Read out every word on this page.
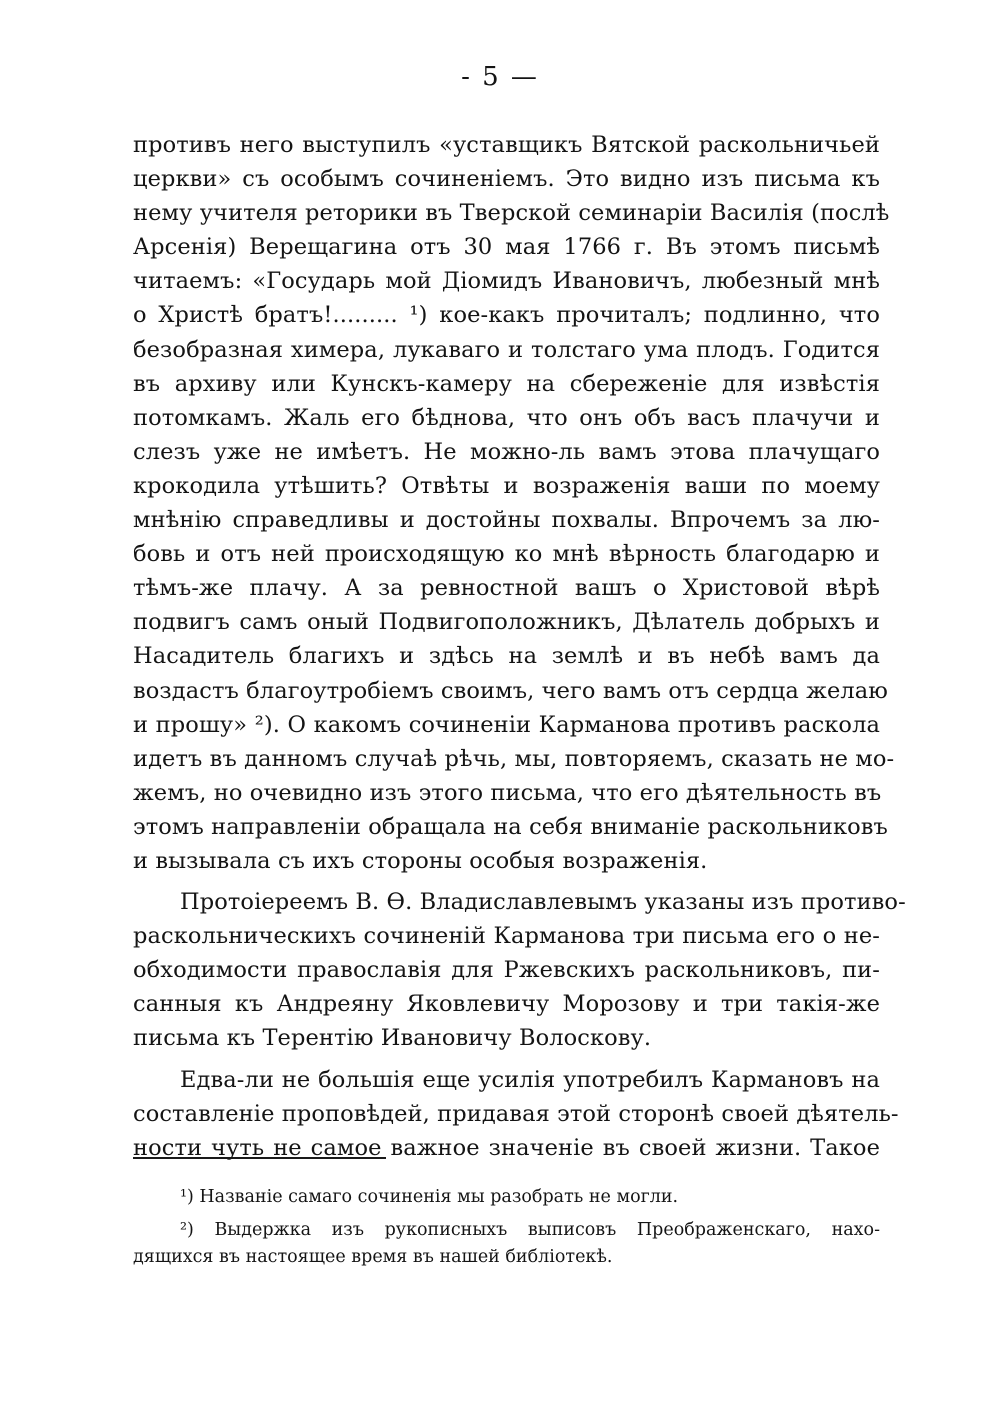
- 5 —
противъ него выступилъ «уставщикъ Вятской раскольничьей
церкви» съ особымъ сочиненіемъ. Это видно изъ письма къ
нему учителя реторики въ Тверской семинаріи Василія (послѣ
Арсенія) Верещагина отъ 30 мая 1766 г. Въ этомъ письмѣ
читаемъ: «Государь мой Діомидъ Ивановичъ, любезный мнѣ
о Христѣ братъ!......... ¹) кое-какъ прочиталъ; подлинно, что
безобразная химера, лукаваго и толстаго ума плодъ. Годится
въ архиву или Кунскъ-камеру на сбереженіе для извѣстія
потомкамъ. Жаль его бѣднова, что онъ объ васъ плачучи и
слезъ уже не имѣетъ. Не можно-ль вамъ этова плачущаго
крокодила утѣшить? Отвѣты и возраженія ваши по моему
мнѣнію справедливы и достойны похвалы. Впрочемъ за лю-
бовь и отъ ней происходящую ко мнѣ вѣрность благодарю и
тѣмъ-же плачу. А за ревностной вашъ о Христовой вѣрѣ
подвигъ самъ оный Подвигоположникъ, Дѣлатель добрыхъ и
Насадитель благихъ и здѣсь на землѣ и въ небѣ вамъ да
воздастъ благоутробіемъ своимъ, чего вамъ отъ сердца желаю
и прошу» ²). О какомъ сочиненіи Карманова противъ раскола
идетъ въ данномъ случаѣ рѣчь, мы, повторяемъ, сказать не мо-
жемъ, но очевидно изъ этого письма, что его дѣятельность въ
этомъ направленіи обращала на себя вниманіе раскольниковъ
и вызывала съ ихъ стороны особыя возраженія.
Протоіереемъ В. Ѳ. Владиславлевымъ указаны изъ противо-
раскольническихъ сочиненій Карманова три письма его о не-
обходимости православія для Ржевскихъ раскольниковъ, пи-
санныя къ Андреяну Яковлевичу Морозову и три такія-же
письма къ Терентію Ивановичу Волоскову.
Едва-ли не большія еще усилія употребилъ Кармановъ на
составленіе проповѣдей, придавая этой сторонѣ своей дѣятель-
ности чуть не самое важное значеніе въ своей жизни. Такое
¹) Названіе самаго сочиненія мы разобрать не могли.
²) Выдержка изъ рукописныхъ выписовъ Преображенскаго, нахо-
дящихся въ настоящее время въ нашей библіотекѣ.
